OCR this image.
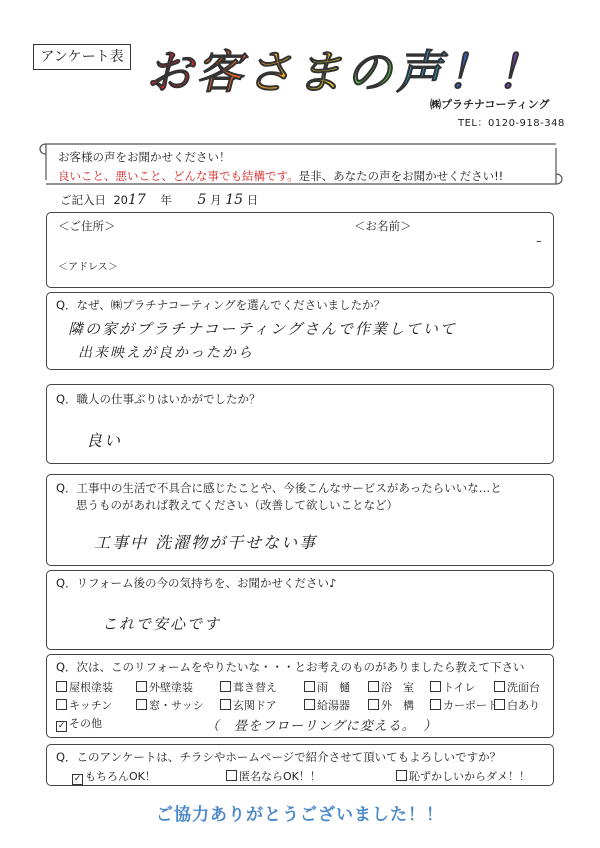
アンケート表 お 客 さ ま の 声 ！ ！
㈱プラチナコーティング
TEL：0120-918-348
お客様の声をお聞かせください！
良いこと、悪いこと、どんな事でも結構です。是非、あなたの声をお聞かせください!!
ご記入日 2017 年 5 月 15 日
＜ご住所＞	＜お名前＞
–
＜アドレス＞
Q．なぜ、㈱プラチナコーティングを選んでくださいましたか？
隣の家がプラチナコーティングさんで作業していて
出来映えが良かったから
Q．職人の仕事ぶりはいかがでしたか？
良い
Q．工事中の生活で不具合に感じたことや、今後こんなサービスがあったらいいな…と
思うものがあれば教えてください（改善して欲しいことなど）
工事中 洗濯物が干せない事
Q．リフォーム後の今の気持ちを、お聞かせください♪
これで安心です
Q．次は、このリフォームをやりたいな・・・とお考えのものがありましたら教えて下さい
屋根塗装	外壁塗装	葺き替え	雨　樋	浴　室	トイレ	洗面台
キッチン	窓・サッシ	玄関ドア	給湯器	外　構	カーポート 白あり
✓ その他	（　畳をフローリングに変える。　）
Q．このアンケートは、チラシやホームページで紹介させて頂いてもよろしいですか？
✓ もちろんOK！	匿名ならOK！！	恥ずかしいからダメ！！
ご協力ありがとうございました！！
